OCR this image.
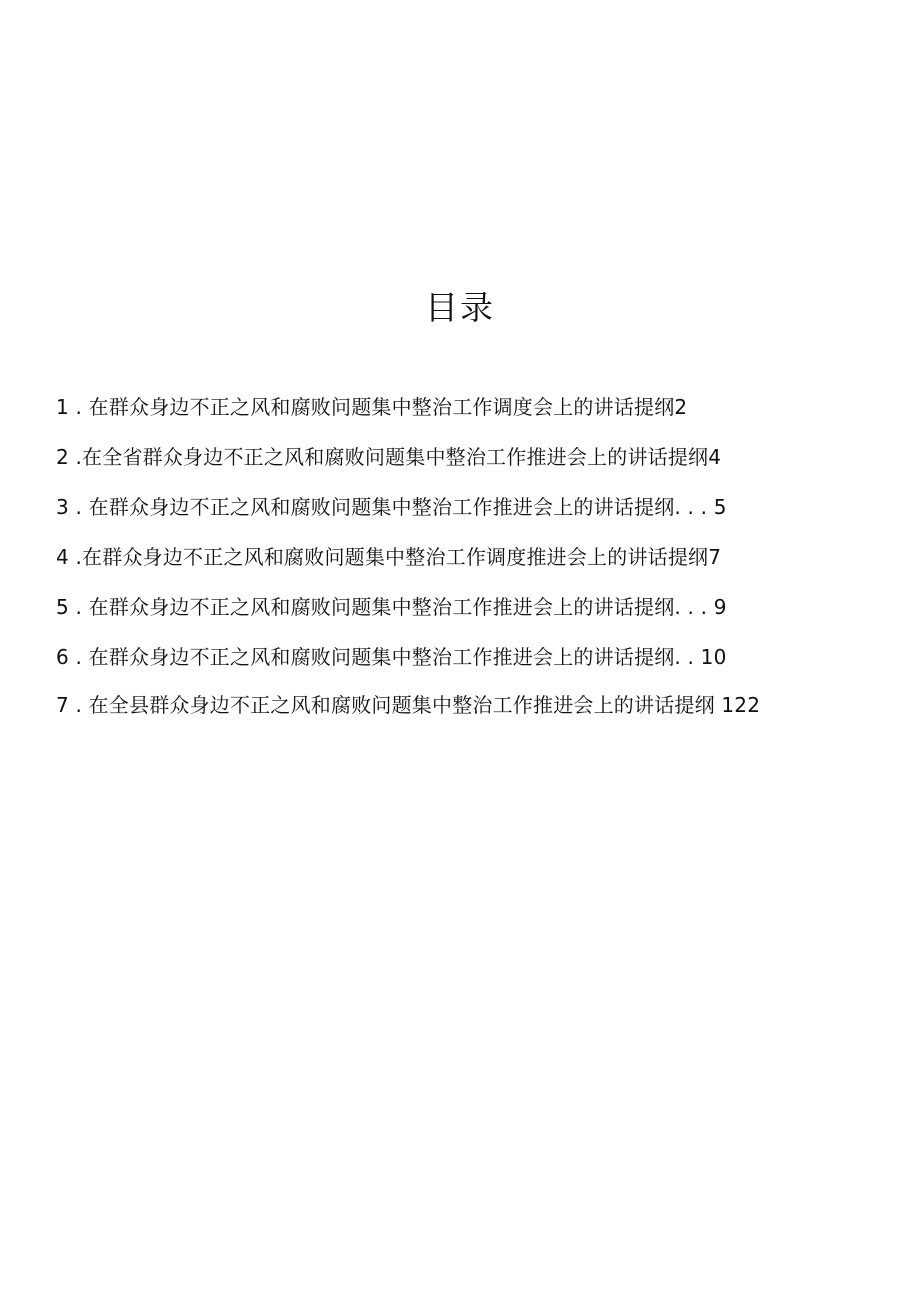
目录
1 . 在群众身边不正之风和腐败问题集中整治工作调度会上的讲话提纲2
2 .在全省群众身边不正之风和腐败问题集中整治工作推进会上的讲话提纲4
3 . 在群众身边不正之风和腐败问题集中整治工作推进会上的讲话提纲. . . 5
4 .在群众身边不正之风和腐败问题集中整治工作调度推进会上的讲话提纲7
5 . 在群众身边不正之风和腐败问题集中整治工作推进会上的讲话提纲. . . 9
6 . 在群众身边不正之风和腐败问题集中整治工作推进会上的讲话提纲. . 10
7 . 在全县群众身边不正之风和腐败问题集中整治工作推进会上的讲话提纲 122
